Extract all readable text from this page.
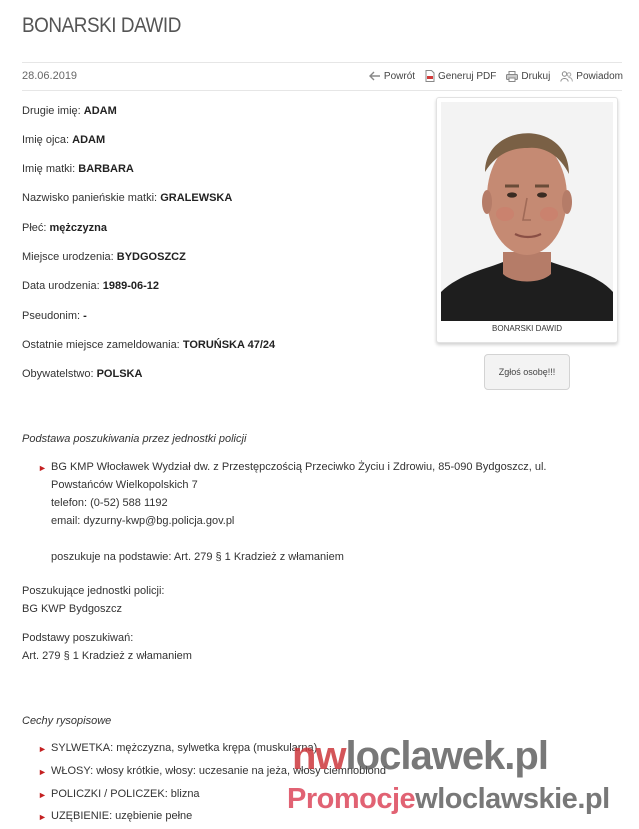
BONARSKI DAWID
28.06.2019	Powrót Generuj PDF	Drukuj	Powiadom
Drugie imię: ADAM
Imię ojca: ADAM
Imię matki: BARBARA
Nazwisko panieńskie matki: GRALEWSKA
Płeć: mężczyzna
Miejsce urodzenia: BYDGOSZCZ
Data urodzenia: 1989-06-12
Pseudonim: -
Ostatnie miejsce zameldowania: TORUŃSKA 47/24
Obywatelstwo: POLSKA
BONARSKI DAWID
Zgłoś osobę!!!
Podstawa poszukiwania przez jednostki policji
► BG KMP Włocławek Wydział dw. z Przestępczością Przeciwko Życiu i Zdrowiu, 85-090 Bydgoszcz, ul.
Powstańców Wielkopolskich 7
telefon: (0-52) 588 1192
email: dyzurny-kwp@bg.policja.gov.pl
poszukuje na podstawie: Art. 279 § 1 Kradzież z włamaniem
Poszukujące jednostki policji:
BG KWP Bydgoszcz
Podstawy poszukiwań:
Art. 279 § 1 Kradzież z włamaniem
Cechy rysopisowe
► SYLWETKA: mężczyzna, sylwetka krępa (muskularna)
► WŁOSY: włosy krótkie, włosy: uczesanie na jeża, włosy ciemnoblond
► POLICZKI / POLICZEK: blizna
► UZĘBIENIE: uzębienie pełne
nwloclawek.pl
Promocjewloclawskie.pl
